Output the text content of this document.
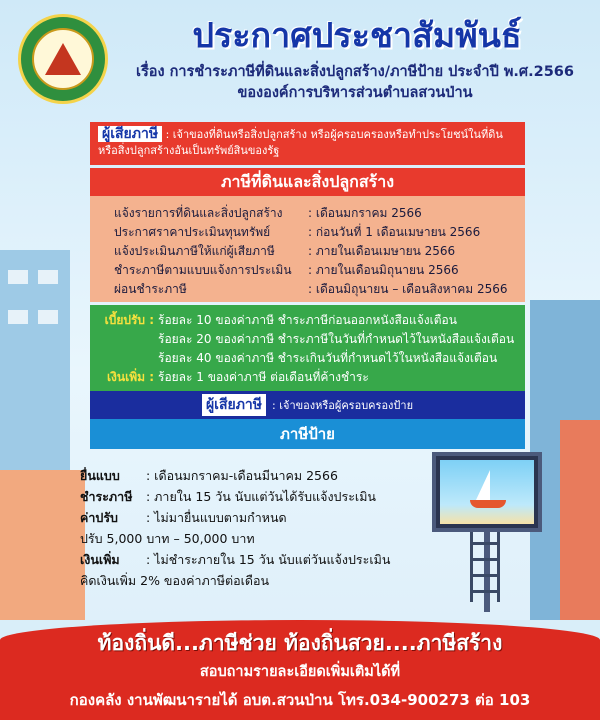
ประกาศประชาสัมพันธ์
เรื่อง การชำระภาษีที่ดินและสิ่งปลูกสร้าง/ภาษีป้าย ประจำปี พ.ศ.2566
ขององค์การบริหารส่วนตำบลสวนป่าน
ผู้เสียภาษี : เจ้าของที่ดินหรือสิ่งปลูกสร้าง หรือผู้ครอบครองหรือทำประโยชน์ในที่ดินหรือสิ่งปลูกสร้างอันเป็นทรัพย์สินของรัฐ
ภาษีที่ดินและสิ่งปลูกสร้าง
แจ้งรายการที่ดินและสิ่งปลูกสร้าง	: เดือนมกราคม 2566
ประกาศราคาประเมินทุนทรัพย์	: ก่อนวันที่ 1 เดือนเมษายน 2566
แจ้งประเมินภาษีให้แก่ผู้เสียภาษี	: ภายในเดือนเมษายน 2566
ชำระภาษีตามแบบแจ้งการประเมิน	: ภายในเดือนมิถุนายน 2566
ผ่อนชำระภาษี	: เดือนมิถุนายน – เดือนสิงหาคม 2566
เบี้ยปรับ : ร้อยละ 10 ของค่าภาษี ชำระภาษีก่อนออกหนังสือแจ้งเตือน
ร้อยละ 20 ของค่าภาษี ชำระภาษีในวันที่กำหนดไว้ในหนังสือแจ้งเตือน
ร้อยละ 40 ของค่าภาษี ชำระเกินวันที่กำหนดไว้ในหนังสือแจ้งเตือน
เงินเพิ่ม : ร้อยละ 1 ของค่าภาษี ต่อเดือนที่ค้างชำระ
ผู้เสียภาษี : เจ้าของหรือผู้ครอบครองป้าย
ภาษีป้าย
ยื่นแบบ	: เดือนมกราคม-เดือนมีนาคม 2566
ชำระภาษี	: ภายใน 15 วัน นับแต่วันได้รับแจ้งประเมิน
ค่าปรับ	: ไม่มายื่นแบบตามกำหนด
ปรับ 5,000 บาท – 50,000 บาท
เงินเพิ่ม	: ไม่ชำระภายใน 15 วัน นับแต่วันแจ้งประเมิน
คิดเงินเพิ่ม 2% ของค่าภาษีต่อเดือน
ท้องถิ่นดี...ภาษีช่วย ท้องถิ่นสวย....ภาษีสร้าง
สอบถามรายละเอียดเพิ่มเติมได้ที่
กองคลัง งานพัฒนารายได้ อบต.สวนป่าน โทร.034-900273 ต่อ 103
